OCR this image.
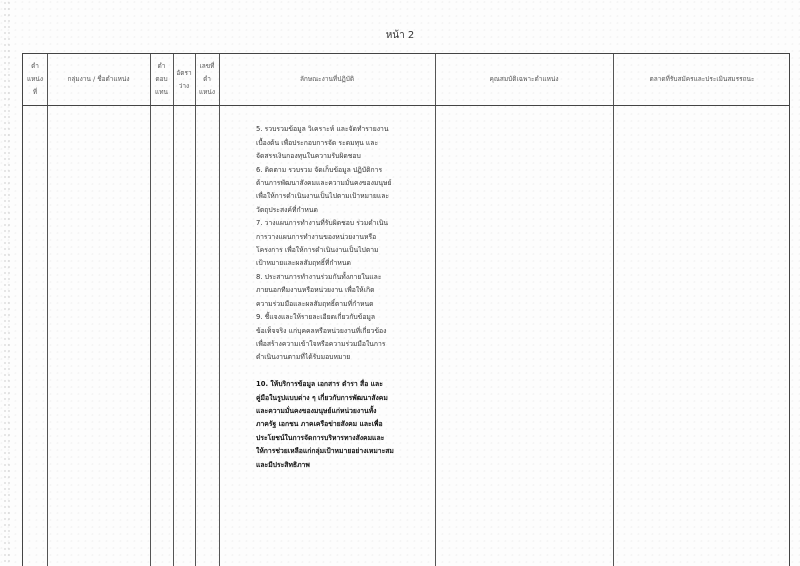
หน้า 2
ตำ
แหน่ง
ที่
กลุ่มงาน / ชื่อตำแหน่ง
ตำ
ตอบ
แทน
อัตรา
ว่าง
เลขที่
ตำ
แหน่ง
ลักษณะงานที่ปฏิบัติ	คุณสมบัติเฉพาะตำแหน่ง	ตลาดที่รับสมัครและประเมินสมรรถนะ

5. รวบรวมข้อมูล วิเคราะห์ และจัดทำรายงาน
เบื้องต้น เพื่อประกอบการจัด ระดมทุน และ
จัดสรรเงินกองทุนในความรับผิดชอบ
6. ติดตาม รวบรวม จัดเก็บข้อมูล ปฏิบัติการ
ด้านการพัฒนาสังคมและความมั่นคงของมนุษย์
เพื่อให้การดำเนินงานเป็นไปตามเป้าหมายและ
วัตถุประสงค์ที่กำหนด
7. วางแผนการทำงานที่รับผิดชอบ ร่วมดำเนิน
การวางแผนการทำงานของหน่วยงานหรือ
โครงการ เพื่อให้การดำเนินงานเป็นไปตาม
เป้าหมายและผลสัมฤทธิ์ที่กำหนด
8. ประสานการทำงานร่วมกันทั้งภายในและ
ภายนอกทีมงานหรือหน่วยงาน เพื่อให้เกิด
ความร่วมมือและผลสัมฤทธิ์ตามที่กำหนด
9. ชี้แจงและให้รายละเอียดเกี่ยวกับข้อมูล
ข้อเท็จจริง แก่บุคคลหรือหน่วยงานที่เกี่ยวข้อง
เพื่อสร้างความเข้าใจหรือความร่วมมือในการ
ดำเนินงานตามที่ได้รับมอบหมาย

10. ให้บริการข้อมูล เอกสาร ตำรา สื่อ และ
คู่มือในรูปแบบต่าง ๆ เกี่ยวกับการพัฒนาสังคม
และความมั่นคงของมนุษย์แก่หน่วยงานทั้ง
ภาครัฐ เอกชน ภาคเครือข่ายสังคม และเพื่อ
ประโยชน์ในการจัดการบริหารทางสังคมและ
ให้การช่วยเหลือแก่กลุ่มเป้าหมายอย่างเหมาะสม
และมีประสิทธิภาพ
